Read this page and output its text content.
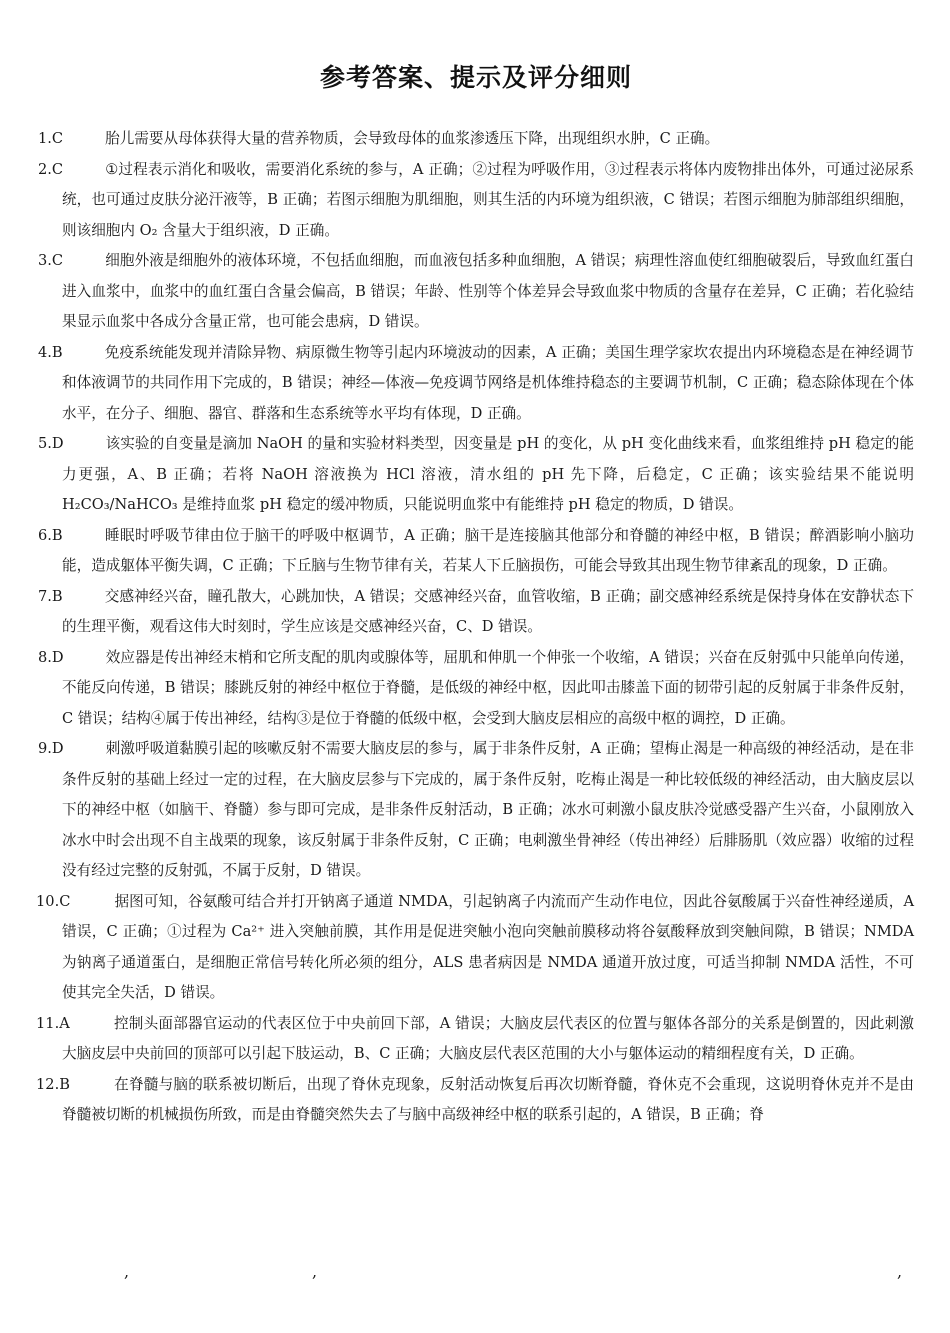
参考答案、提示及评分细则
1.C	胎儿需要从母体获得大量的营养物质，会导致母体的血浆渗透压下降，出现组织水肿，C 正确。
2.C	①过程表示消化和吸收，需要消化系统的参与，A 正确；②过程为呼吸作用，③过程表示将体内废物排出体外，可通过泌尿系统，也可通过皮肤分泌汗液等，B 正确；若图示细胞为肌细胞，则其生活的内环境为组织液，C 错误；若图示细胞为肺部组织细胞，则该细胞内 O₂ 含量大于组织液，D 正确。
3.C	细胞外液是细胞外的液体环境，不包括血细胞，而血液包括多种血细胞，A 错误；病理性溶血使红细胞破裂后，导致血红蛋白进入血浆中，血浆中的血红蛋白含量会偏高，B 错误；年龄、性别等个体差异会导致血浆中物质的含量存在差异，C 正确；若化验结果显示血浆中各成分含量正常，也可能会患病，D 错误。
4.B	免疫系统能发现并清除异物、病原微生物等引起内环境波动的因素，A 正确；美国生理学家坎农提出内环境稳态是在神经调节和体液调节的共同作用下完成的，B 错误；神经—体液—免疫调节网络是机体维持稳态的主要调节机制，C 正确；稳态除体现在个体水平，在分子、细胞、器官、群落和生态系统等水平均有体现，D 正确。
5.D	该实验的自变量是滴加 NaOH 的量和实验材料类型，因变量是 pH 的变化，从 pH 变化曲线来看，血浆组维持 pH 稳定的能力更强，A、B 正确；若将 NaOH 溶液换为 HCl 溶液，清水组的 pH 先下降，后稳定，C 正确；该实验结果不能说明 H₂CO₃/NaHCO₃ 是维持血浆 pH 稳定的缓冲物质，只能说明血浆中有能维持 pH 稳定的物质，D 错误。
6.B	睡眠时呼吸节律由位于脑干的呼吸中枢调节，A 正确；脑干是连接脑其他部分和脊髓的神经中枢，B 错误；醉酒影响小脑功能，造成躯体平衡失调，C 正确；下丘脑与生物节律有关，若某人下丘脑损伤，可能会导致其出现生物节律紊乱的现象，D 正确。
7.B	交感神经兴奋，瞳孔散大，心跳加快，A 错误；交感神经兴奋，血管收缩，B 正确；副交感神经系统是保持身体在安静状态下的生理平衡，观看这伟大时刻时，学生应该是交感神经兴奋，C、D 错误。
8.D	效应器是传出神经末梢和它所支配的肌肉或腺体等，屈肌和伸肌一个伸张一个收缩，A 错误；兴奋在反射弧中只能单向传递，不能反向传递，B 错误；膝跳反射的神经中枢位于脊髓，是低级的神经中枢，因此叩击膝盖下面的韧带引起的反射属于非条件反射，C 错误；结构④属于传出神经，结构③是位于脊髓的低级中枢，会受到大脑皮层相应的高级中枢的调控，D 正确。
9.D	刺激呼吸道黏膜引起的咳嗽反射不需要大脑皮层的参与，属于非条件反射，A 正确；望梅止渴是一种高级的神经活动，是在非条件反射的基础上经过一定的过程，在大脑皮层参与下完成的，属于条件反射，吃梅止渴是一种比较低级的神经活动，由大脑皮层以下的神经中枢（如脑干、脊髓）参与即可完成，是非条件反射活动，B 正确；冰水可刺激小鼠皮肤冷觉感受器产生兴奋，小鼠刚放入冰水中时会出现不自主战栗的现象，该反射属于非条件反射，C 正确；电刺激坐骨神经（传出神经）后腓肠肌（效应器）收缩的过程没有经过完整的反射弧，不属于反射，D 错误。
10.C	据图可知，谷氨酸可结合并打开钠离子通道 NMDA，引起钠离子内流而产生动作电位，因此谷氨酸属于兴奋性神经递质，A 错误，C 正确；①过程为 Ca²⁺ 进入突触前膜，其作用是促进突触小泡向突触前膜移动将谷氨酸释放到突触间隙，B 错误；NMDA 为钠离子通道蛋白，是细胞正常信号转化所必须的组分，ALS 患者病因是 NMDA 通道开放过度，可适当抑制 NMDA 活性，不可使其完全失活，D 错误。
11.A	控制头面部器官运动的代表区位于中央前回下部，A 错误；大脑皮层代表区的位置与躯体各部分的关系是倒置的，因此刺激大脑皮层中央前回的顶部可以引起下肢运动，B、C 正确；大脑皮层代表区范围的大小与躯体运动的精细程度有关，D 正确。
12.B	在脊髓与脑的联系被切断后，出现了脊休克现象，反射活动恢复后再次切断脊髓，脊休克不会重现，这说明脊休克并不是由脊髓被切断的机械损伤所致，而是由脊髓突然失去了与脑中高级神经中枢的联系引起的，A 错误，B 正确；脊
,	,	,
